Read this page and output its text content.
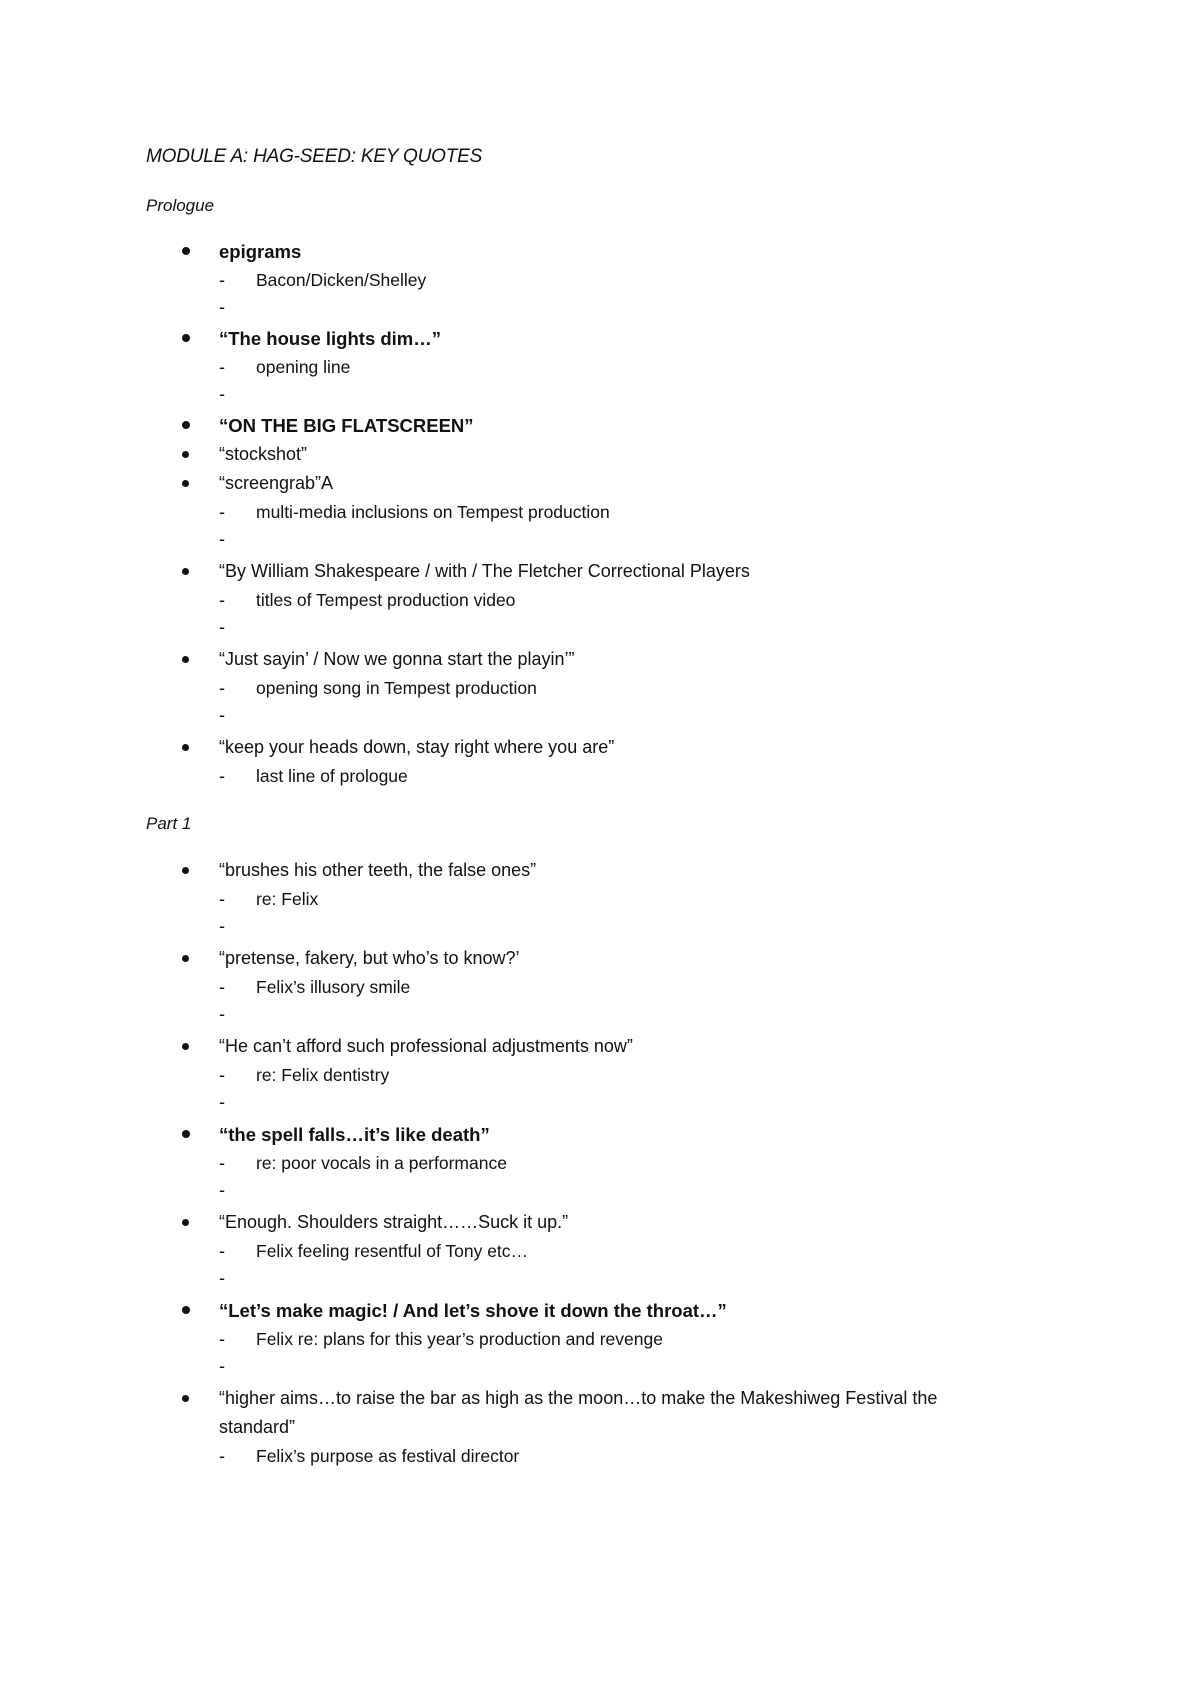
MODULE A: HAG-SEED: KEY QUOTES
Prologue
epigrams
- Bacon/Dicken/Shelley
-
“The house lights dim…”
- opening line
-
“ON THE BIG FLATSCREEN”
“stockshot”
“screengrab”A
- multi-media inclusions on Tempest production
-
“By William Shakespeare / with / The Fletcher Correctional Players
- titles of Tempest production video
-
“Just sayin’ / Now we gonna start the playin’”
- opening song in Tempest production
-
“keep your heads down, stay right where you are”
- last line of prologue
Part 1
“brushes his other teeth, the false ones”
- re: Felix
-
“pretense, fakery, but who’s to know?’
- Felix’s illusory smile
-
“He can’t afford such professional adjustments now”
- re: Felix dentistry
-
“the spell falls…it’s like death”
- re: poor vocals in a performance
-
“Enough. Shoulders straight……Suck it up.”
- Felix feeling resentful of Tony etc…
-
“Let’s make magic! / And let’s shove it down the throat…”
- Felix re: plans for this year’s production and revenge
-
“higher aims…to raise the bar as high as the moon…to make the Makeshiweg Festival the
standard”
- Felix’s purpose as festival director
